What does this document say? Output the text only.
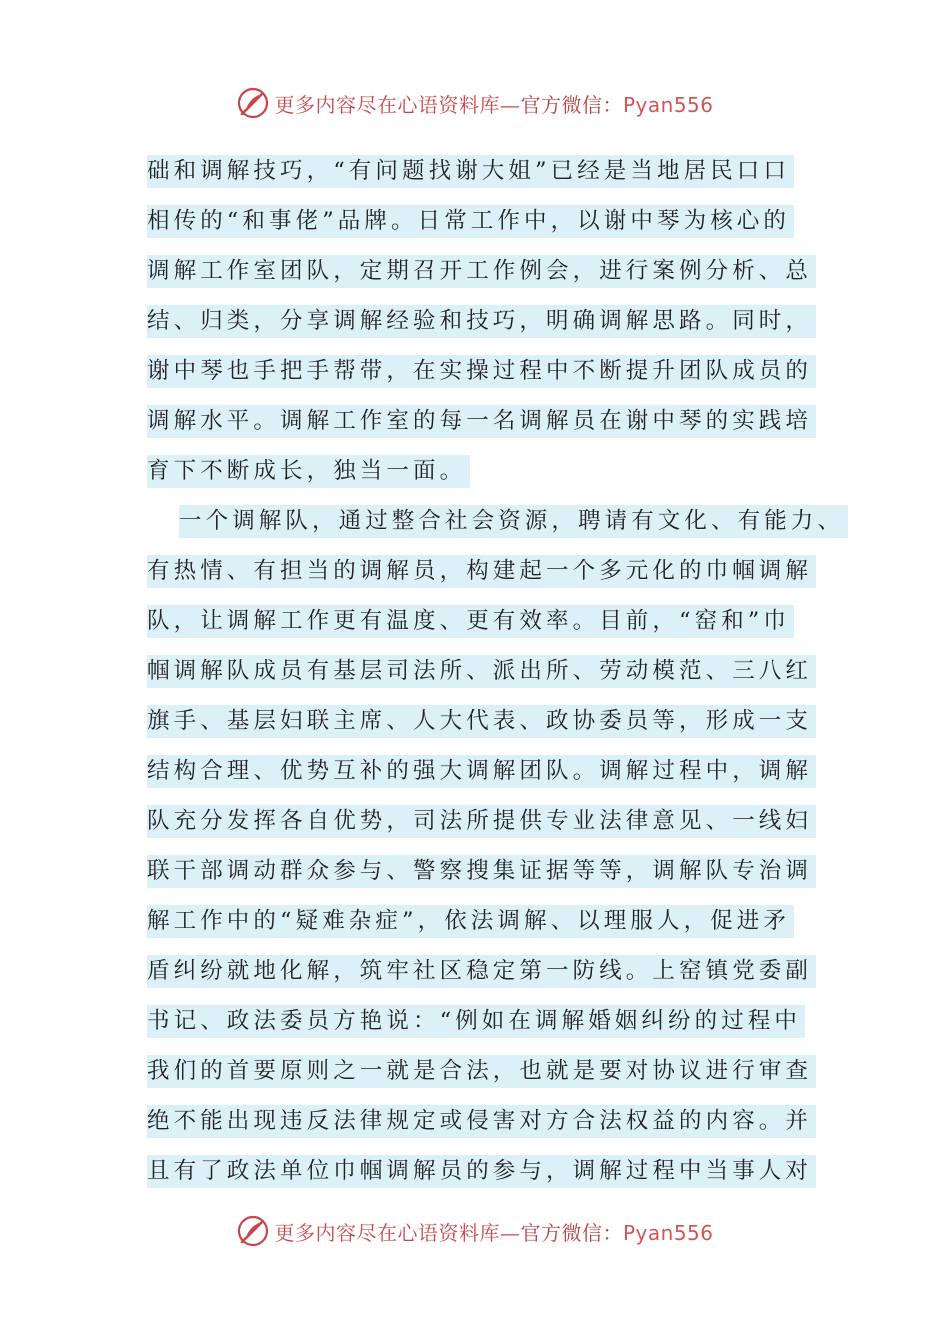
更多内容尽在心语资料库—官方微信：Pyan556
础和调解技巧，“有问题找谢大姐”已经是当地居民口口
相传的“和事佬”品牌。日常工作中，以谢中琴为核心的
调解工作室团队，定期召开工作例会，进行案例分析、总
结、归类，分享调解经验和技巧，明确调解思路。同时，
谢中琴也手把手帮带，在实操过程中不断提升团队成员的
调解水平。调解工作室的每一名调解员在谢中琴的实践培
育下不断成长，独当一面。
一个调解队，通过整合社会资源，聘请有文化、有能力、
有热情、有担当的调解员，构建起一个多元化的巾帼调解
队，让调解工作更有温度、更有效率。目前，“窑和”巾
帼调解队成员有基层司法所、派出所、劳动模范、三八红
旗手、基层妇联主席、人大代表、政协委员等，形成一支
结构合理、优势互补的强大调解团队。调解过程中，调解
队充分发挥各自优势，司法所提供专业法律意见、一线妇
联干部调动群众参与、警察搜集证据等等，调解队专治调
解工作中的“疑难杂症”，依法调解、以理服人，促进矛
盾纠纷就地化解，筑牢社区稳定第一防线。上窑镇党委副
书记、政法委员方艳说：“例如在调解婚姻纠纷的过程中
我们的首要原则之一就是合法，也就是要对协议进行审查
绝不能出现违反法律规定或侵害对方合法权益的内容。并
且有了政法单位巾帼调解员的参与，调解过程中当事人对
更多内容尽在心语资料库—官方微信：Pyan556
